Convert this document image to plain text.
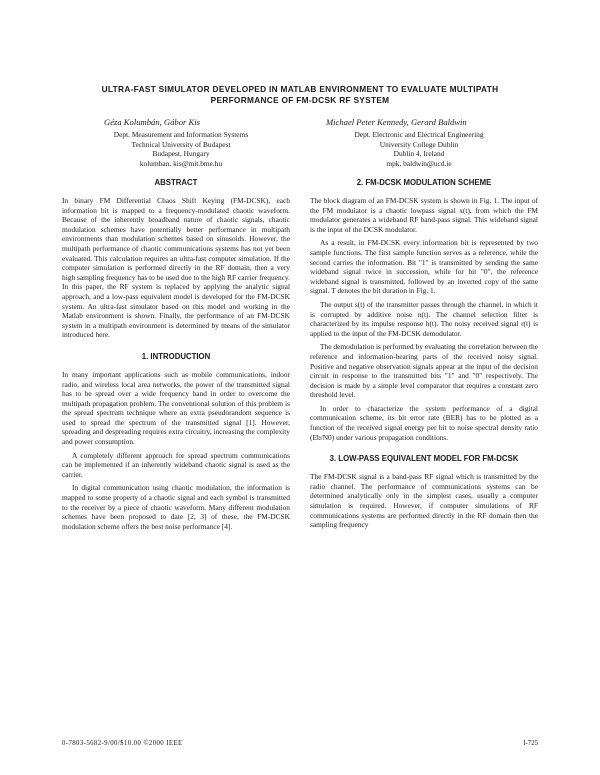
ULTRA-FAST SIMULATOR DEVELOPED IN MATLAB ENVIRONMENT TO EVALUATE MULTIPATH PERFORMANCE OF FM-DCSK RF SYSTEM
Géza Kolumbán, Gábor Kis	Michael Peter Kennedy, Gerard Baldwin
Dept. Measurement and Information Systems
Technical University of Budapest
Budapest, Hungary
kolumban, kis@mit.bme.hu
Dept. Electronic and Electrical Engineering
University College Dublin
Dublin 4, Ireland
mpk, baldwin@ucd.ie
ABSTRACT

In binary FM Differential Chaos Shift Keying (FM-DCSK), each information bit is mapped to a frequency-modulated chaotic waveform. Because of the inherently broadband nature of chaotic signals, chaotic modulation schemes have potentially better performance in multipath environments than modulation schemes based on sinusoids. However, the multipath performance of chaotic communications systems has not yet been evaluated. This calculation requires an ultra-fast computer simulation. If the computer simulation is performed directly in the RF domain, then a very high sampling frequency has to be used due to the high RF carrier frequency. In this paper, the RF system is replaced by applying the analytic signal approach, and a low-pass equivalent model is developed for the FM-DCSK system. An ultra-fast simulator based on this model and working in the Matlab environment is shown. Finally, the performance of an FM-DCSK system in a multipath environment is determined by means of the simulator introduced here.

1. INTRODUCTION

In many important applications such as mobile communications, indoor radio, and wireless local area networks, the power of the transmitted signal has to be spread over a wide frequency band in order to overcome the multipath propagation problem. The conventional solution of this problem is the spread spectrum technique where an extra pseudorandom sequence is used to spread the spectrum of the transmitted signal [1]. However, spreading and despreading requires extra circuitry, increasing the complexity and power consumption.

A completely different approach for spread spectrum communications can be implemented if an inherently wideband chaotic signal is used as the carrier.

In digital communication using chaotic modulation, the information is mapped to some property of a chaotic signal and each symbol is transmitted to the receiver by a piece of chaotic waveform. Many different modulation schemes have been proposed to date [2, 3] of these, the FM-DCSK modulation scheme offers the best noise performance [4].

2. FM-DCSK MODULATION SCHEME

The block diagram of an FM-DCSK system is shown in Fig. 1. The input of the FM modulator is a chaotic lowpass signal x(t), from which the FM modulator generates a wideband RF band-pass signal. This wideband signal is the input of the DCSK modulator.

As a result, in FM-DCSK every information bit is represented by two sample functions. The first sample function serves as a reference, while the second carries the information. Bit "1" is transmitted by sending the same wideband signal twice in succession, while for bit "0", the reference wideband signal is transmitted, followed by an inverted copy of the same signal. T denotes the bit duration in Fig. 1.

The output s(t) of the transmitter passes through the channel, in which it is corrupted by additive noise n(t). The channel selection filter is characterized by its impulse response h(t). The noisy received signal r(t) is applied to the input of the FM-DCSK demodulator.

The demodulation is performed by evaluating the correlation between the reference and information-bearing parts of the received noisy signal. Positive and negative observation signals appear at the input of the decision circuit in response to the transmitted bits "1" and "0" respectively. The decision is made by a simple level comparator that requires a constant zero threshold level.

In order to characterize the system performance of a digital communication scheme, its bit error rate (BER) has to be plotted as a function of the received signal energy per bit to noise spectral density ratio (Eb/N0) under various propagation conditions.

3. LOW-PASS EQUIVALENT MODEL FOR FM-DCSK

The FM-DCSK signal is a band-pass RF signal which is transmitted by the radio channel. The performance of communications systems can be determined analytically only in the simplest cases, usually a computer simulation is required. However, if computer simulations of RF communications systems are performed directly in the RF domain then the sampling frequency

0-7803-5682-9/00/$10.00 ©2000 IEEE	I-725
